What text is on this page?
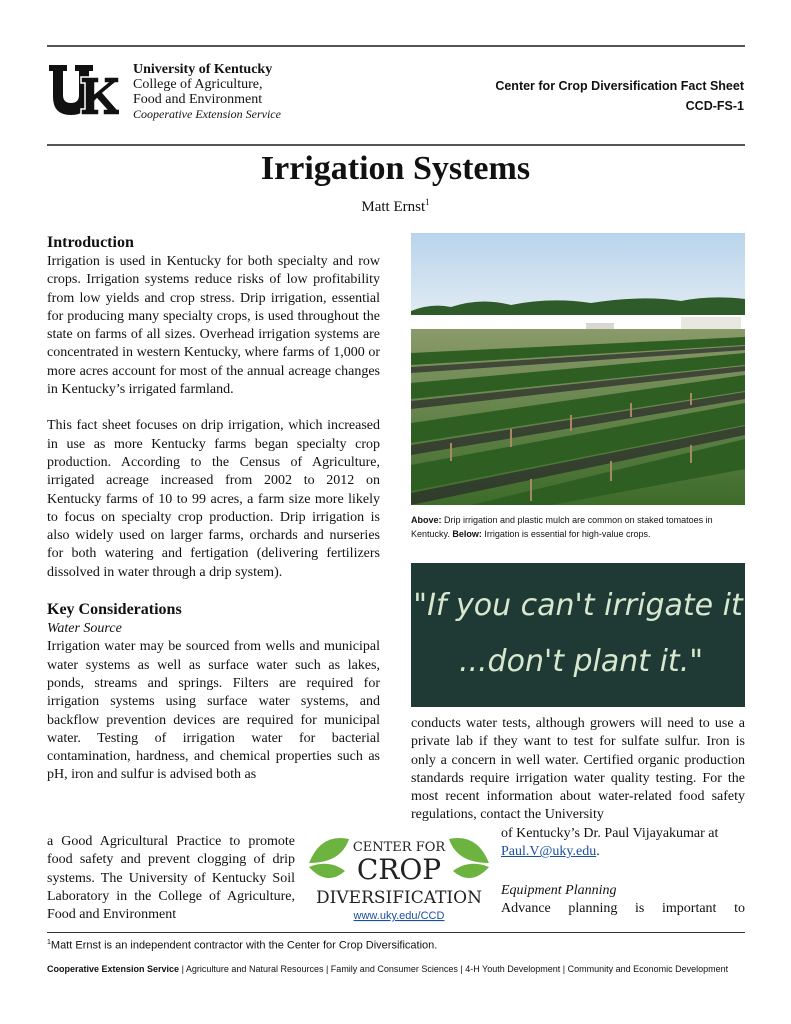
University of Kentucky
College of Agriculture,
Food and Environment
Cooperative Extension Service
Center for Crop Diversification Fact Sheet
CCD-FS-1
Irrigation Systems
Matt Ernst$^1$
Introduction

Irrigation is used in Kentucky for both specialty and row crops. Irrigation systems reduce risks of low profitability from low yields and crop stress. Drip irrigation, essential for producing many specialty crops, is used throughout the state on farms of all sizes. Overhead irrigation systems are concentrated in western Kentucky, where farms of 1,000 or more acres account for most of the annual acreage changes in Kentucky’s irrigated farmland.

This fact sheet focuses on drip irrigation, which increased in use as more Kentucky farms began specialty crop production. According to the Census of Agriculture, irrigated acreage increased from 2002 to 2012 on Kentucky farms of 10 to 99 acres, a farm size more likely to focus on specialty crop production. Drip irrigation is also widely used on larger farms, orchards and nurseries for both watering and fertigation (delivering fertilizers dissolved in water through a drip system).

Key Considerations
Water Source

Irrigation water may be sourced from wells and municipal water systems as well as surface water such as lakes, ponds, streams and springs. Filters are required for irrigation systems using surface water systems, and backflow prevention devices are required for municipal water. Testing of irrigation water for bacterial contamination, hardness, and chemical properties such as pH, iron and sulfur is advised both as

a Good Agricultural Practice to promote food safety and prevent clogging of drip systems. The University of Kentucky Soil Laboratory in the College of Agriculture, Food and Environment

Above: Drip irrigation and plastic mulch are common on staked tomatoes in Kentucky. Below: Irrigation is essential for high-value crops.
"If you can't irrigate it
...don't plant it."

conducts water tests, although growers will need to use a private lab if they want to test for sulfate sulfur. Iron is only a concern in well water. Certified organic production standards require irrigation water quality testing. For the most recent information about water-related food safety regulations, contact the University

of Kentucky’s Dr. Paul Vijayakumar at Paul.V@uky.edu.

Equipment Planning

Advance planning is important to

CENTER FOR
CROP
DIVERSIFICATION
www.uky.edu/CCD
$^1$Matt Ernst is an independent contractor with the Center for Crop Diversification.
Cooperative Extension Service | Agriculture and Natural Resources | Family and Consumer Sciences | 4-H Youth Development | Community and Economic Development
